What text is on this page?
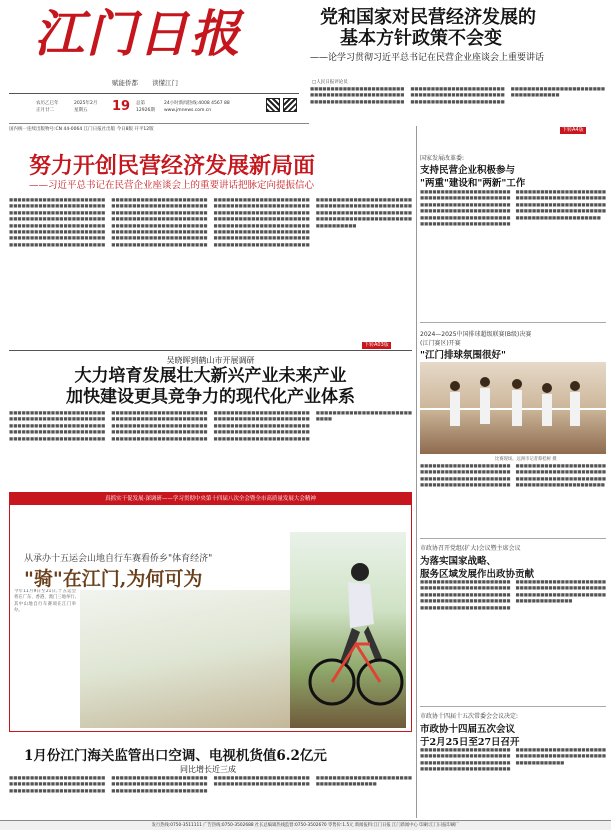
江门日报
赋能侨都 读懂江门
农历乙巳年
正月廿二
2025年2月
星期五	19 总第
12926期
24小时新闻热线:4008 4567 88
www.jmnews.com.cn
党和国家对民营经济发展的
基本方针政策不会变
——论学习贯彻习近平总书记在民营企业座谈会上重要讲话
□人民日报评论员
■■■■■■■■■■■■■■■■■■■■■■■■■■■■■■■■■■■■■■■■■■■■■■■■■■■■■■■■■■■■■■■■■■■■■■■■■■■■■■■■■■■■■■■■■■■■■■■■■■■■■■■■■■■■■■■■■■■■■■■■■■■■■■■■■■■■■■■■■■■■■■■■■■■■■■■■■■■■■■■■■■■■■■■■■■■■■
下转A4版
国内统一连续出版物号:CN 44-0064 江门日报社出版 今日8版 开平12版
努力开创民营经济发展新局面
——习近平总书记在民营企业座谈会上的重要讲话把脉定向提振信心
■■■■■■■■■■■■■■■■■■■■■■■■■■■■■■■■■■■■■■■■■■■■■■■■■■■■■■■■■■■■■■■■■■■■■■■■■■■■■■■■■■■■■■■■■■■■■■■■■■■■■■■■■■■■■■■■■■■■■■■■■■■■■■■■■■■■■■■■■■■■■■■■■■■■■■■■■■■■■■■■■■■■■■■■■■■■■■■■■■■■■■■■■■■■■■■■■■■■■■■■■■■■■■■■■■■■■■■■■■■■■■■■■■■■■■■■■■■■■■■■■■■■■■■■■■■■■■■■■■■■■■■■■■■■■■■■■■■■■■■■■■■■■■■■■■■■■■■■■■■■■■■■■■■■■■■■■■■■■■■■■■■■■■■■■■■■■■■■■■■■■■■■■■■■■■■■■■■■■■■■■■■■■■■■■■■■■■■■■■■■■■■■■■■■■■■■■■■■■■■■■■■■■■■■■■■■■■■■■■■■■■■■■■■■■■■■■■■■■■■■■■■■■■■■■■■■■■■■■■■■■■■■■■■■■■■■■■■■■■■■■■■■■■■■■■■■■■■■■■■■■■■■■■■■■■■■■■■■■■■■■■■■■■■■■■■■■■■■■■■■■■■■■■■■■■■■■■■■■■■■■■■■■■■■■■■■■■■■■■■■■■■■■■■■■■■■■■■■■■■■■■■■■■■■■■■■■■■■■■■■■■■■■■■■■■■■■■■■■■■■■■■■■■■■■■■■■■
下转A03版
吴晓晖到鹤山市开展调研
大力培育发展壮大新兴产业未来产业
加快建设更具竞争力的现代化产业体系
■■■■■■■■■■■■■■■■■■■■■■■■■■■■■■■■■■■■■■■■■■■■■■■■■■■■■■■■■■■■■■■■■■■■■■■■■■■■■■■■■■■■■■■■■■■■■■■■■■■■■■■■■■■■■■■■■■■■■■■■■■■■■■■■■■■■■■■■■■■■■■■■■■■■■■■■■■■■■■■■■■■■■■■■■■■■■■■■■■■■■■■■■■■■■■■■■■■■■■■■■■■■■■■■■■■■■■■■■■■■■■■■■■■■■■■■■■■■■■■■■■■■■■■■■■■■■■■■■■■■■■■■■■■■■■■■■■■■■■■■■■■■■■■■■■■■■■■■■■■■■■■■■■■■■■■■■■■■■■■■■■■■■■■■■■■■■■■■■■■■■■■■■■■■■■■■■■■■■■■■■■■■■■■■■■■■
真抓实干促发展·深调研——学习贯彻中央第十四届八次全会暨全市高质量发展大会精神
从承办十五运会山地自行车赛看侨乡"体育经济"
"骑"在江门,为何可为
今年11月9日至21日,十五运会将在广东、香港、澳门三地举行,其中山地自行车赛项在江门举办。
1月份江门海关监管出口空调、电视机货值6.2亿元
同比增长近三成
■■■■■■■■■■■■■■■■■■■■■■■■■■■■■■■■■■■■■■■■■■■■■■■■■■■■■■■■■■■■■■■■■■■■■■■■■■■■■■■■■■■■■■■■■■■■■■■■■■■■■■■■■■■■■■■■■■■■■■■■■■■■■■■■■■■■■■■■■■■■■■■■■■■■■■■■■■■■■■■■■■■■■■■■■■■■■■■■■■■■■■■■■■■■■■■■■■■■■■■■■■■■■■■■■■■■■■■■■■■■■■
国家发展改革委:
支持民营企业积极参与
"两重"建设和"两新"工作
■■■■■■■■■■■■■■■■■■■■■■■■■■■■■■■■■■■■■■■■■■■■■■■■■■■■■■■■■■■■■■■■■■■■■■■■■■■■■■■■■■■■■■■■■■■■■■■■■■■■■■■■■■■■■■■■■■■■■■■■■■■■■■■■■■■■■■■■■■■■■■■■■■■■■■■■■■■■■■■■■■■■■■■■■■■■■■■■■■■■■■■■■■■■■■■■■■■■■■■■■■■■■■■■■■■■■■■■■■■■■■■■■■■■■■■■■■■■■■■■■
2024—2025中国排球超级联赛(B级)决赛
(江门赛区)开赛
"江门排球氛围很好"
比赛现场。远洲市记者蔡桂树 摄
■■■■■■■■■■■■■■■■■■■■■■■■■■■■■■■■■■■■■■■■■■■■■■■■■■■■■■■■■■■■■■■■■■■■■■■■■■■■■■■■■■■■■■■■■■■■■■■■■■■■■■■■■■■■■■■■■■■■■■■■■■■■■■■■■■■■■■■■■■■■■■■■■■■■■■■■■■■■■■■■■■■■■■■■■■■■■■■■
市政协召开党组(扩大)会议暨主席会议
为落实国家战略、
服务区域发展作出政协贡献
■■■■■■■■■■■■■■■■■■■■■■■■■■■■■■■■■■■■■■■■■■■■■■■■■■■■■■■■■■■■■■■■■■■■■■■■■■■■■■■■■■■■■■■■■■■■■■■■■■■■■■■■■■■■■■■■■■■■■■■■■■■■■■■■■■■■■■■■■■■■■■■■■■■■■■■■■■■■■■■■■■■■■■■■■■■■■■■■■■■■■■■■■■■■■■
市政协十四届十五次常委会会议决定:
市政协十四届五次会议
于2月25日至27日召开
■■■■■■■■■■■■■■■■■■■■■■■■■■■■■■■■■■■■■■■■■■■■■■■■■■■■■■■■■■■■■■■■■■■■■■■■■■■■■■■■■■■■■■■■■■■■■■■■■■■■■■■■■■■■■■■■■■■■■■■■■■■■■■■■■■■■■■■■■■■■■■■■
发行热线:0750-3511111 广告热线:0750-3502688 社长总编辑热线监督:0750-3502670 零售价:1.5元 新闻报料:江门日报 江门新闻中心 印刷:江门日报印刷厂
